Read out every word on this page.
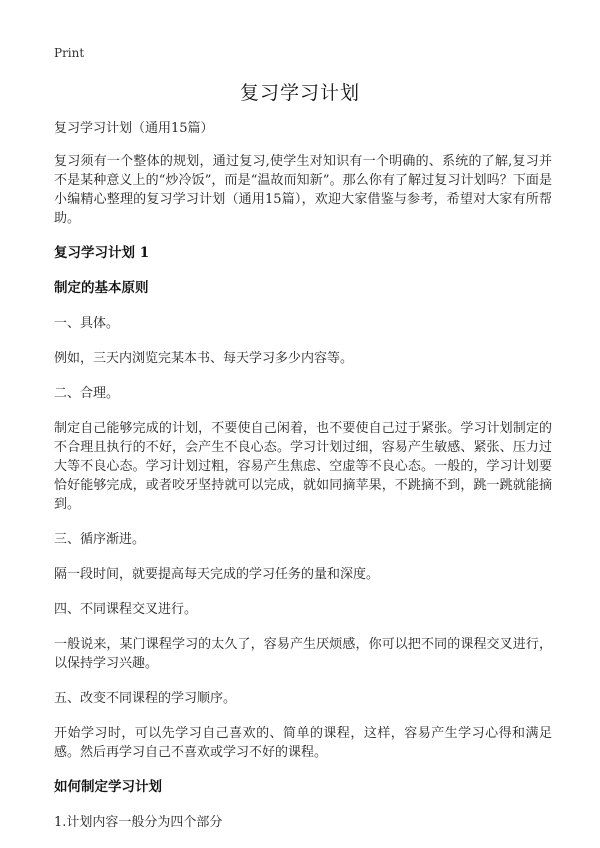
Print
复习学习计划

复习学习计划（通用15篇）

复习须有一个整体的规划，通过复习,使学生对知识有一个明确的、系统的了解,复习并不是某种意义上的“炒冷饭”，而是“温故而知新”。那么你有了解过复习计划吗？下面是小编精心整理的复习学习计划（通用15篇），欢迎大家借鉴与参考，希望对大家有所帮助。

复习学习计划 1

制定的基本原则

一、具体。

例如，三天内浏览完某本书、每天学习多少内容等。

二、合理。

制定自己能够完成的计划，不要使自己闲着，也不要使自己过于紧张。学习计划制定的不合理且执行的不好，会产生不良心态。学习计划过细，容易产生敏感、紧张、压力过大等不良心态。学习计划过粗，容易产生焦虑、空虚等不良心态。一般的，学习计划要恰好能够完成，或者咬牙坚持就可以完成，就如同摘苹果，不跳摘不到，跳一跳就能摘到。

三、循序渐进。

隔一段时间，就要提高每天完成的学习任务的量和深度。

四、不同课程交叉进行。

一般说来，某门课程学习的太久了，容易产生厌烦感，你可以把不同的课程交叉进行，以保持学习兴趣。

五、改变不同课程的学习顺序。

开始学习时，可以先学习自己喜欢的、简单的课程，这样，容易产生学习心得和满足感。然后再学习自己不喜欢或学习不好的课程。

如何制定学习计划

1.计划内容一般分为四个部分
